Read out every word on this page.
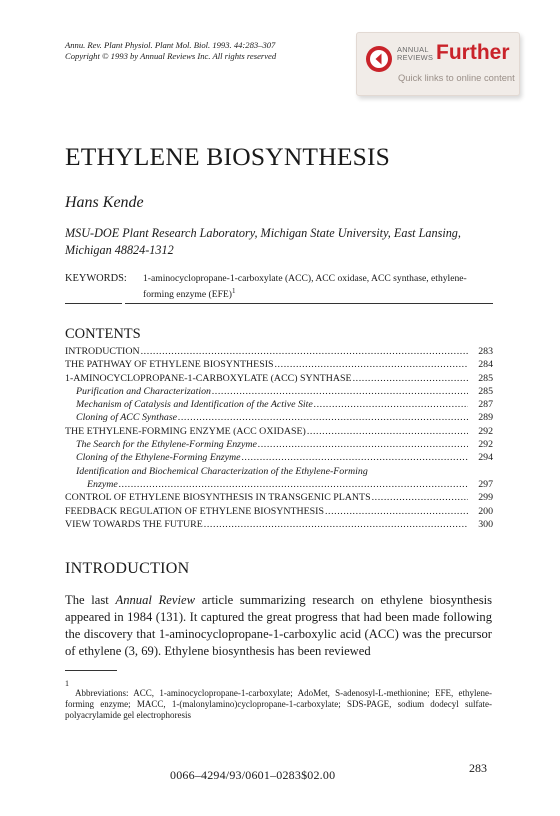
Annu. Rev. Plant Physiol. Plant Mol. Biol. 1993. 44:283–307
Copyright © 1993 by Annual Reviews Inc. All rights reserved
ANNUAL
REVIEWS Further
Quick links to online content
ETHYLENE BIOSYNTHESIS
Hans Kende
MSU-DOE Plant Research Laboratory, Michigan State University, East Lansing, Michigan 48824-1312
KEYWORDS: 1-aminocyclopropane-1-carboxylate (ACC), ACC oxidase, ACC synthase, ethylene-forming enzyme (EFE)$^1$
CONTENTS
INTRODUCTION .....	283
THE PATHWAY OF ETHYLENE BIOSYNTHESIS .....	284
1-AMINOCYCLOPROPANE-1-CARBOXYLATE (ACC) SYNTHASE .....	285
Purification and Characterization .....	285
Mechanism of Catalysis and Identification of the Active Site .....	287
Cloning of ACC Synthase .....	289
THE ETHYLENE-FORMING ENZYME (ACC OXIDASE) .....	292
The Search for the Ethylene-Forming Enzyme .....	292
Cloning of the Ethylene-Forming Enzyme .....	294
Identification and Biochemical Characterization of the Ethylene-Forming
Enzyme .....	297
CONTROL OF ETHYLENE BIOSYNTHESIS IN TRANSGENIC PLANTS .....	299
FEEDBACK REGULATION OF ETHYLENE BIOSYNTHESIS .....	200
VIEW TOWARDS THE FUTURE .....	300
INTRODUCTION
The last Annual Review article summarizing research on ethylene biosynthesis appeared in 1984 (131). It captured the great progress that had been made following the discovery that 1-aminocyclopropane-1-carboxylic acid (ACC) was the precursor of ethylene (3, 69). Ethylene biosynthesis has been reviewed
1
Abbreviations: ACC, 1-aminocyclopropane-1-carboxylate; AdoMet, S-adenosyl-L-methionine; EFE, ethylene-forming enzyme; MACC, 1-(malonylamino)cyclopropane-1-carboxylate; SDS-PAGE, sodium dodecyl sulfate-polyacrylamide gel electrophoresis
283
0066–4294/93/0601–0283$02.00
